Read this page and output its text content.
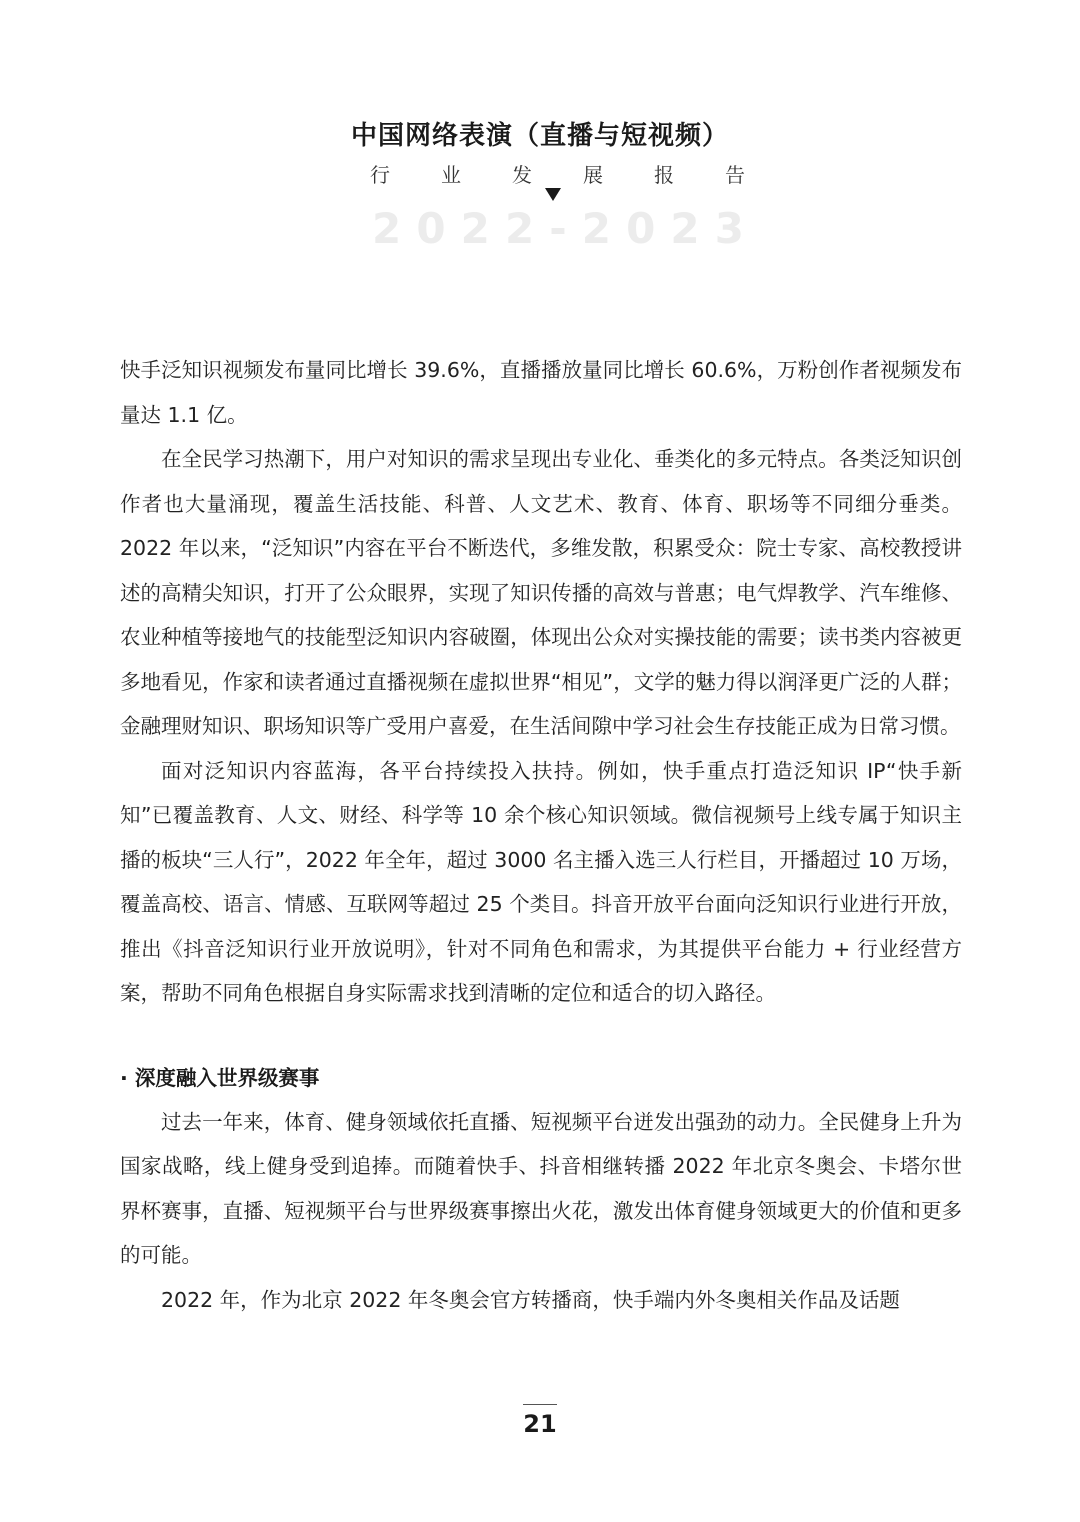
中国网络表演（直播与短视频）
行	业	发	展	报	告
2 0 2 2 - 2 0 2 3

快手泛知识视频发布量同比增长 39.6%，直播播放量同比增长 60.6%，万粉创作者视频发布量达 1.1 亿。

在全民学习热潮下，用户对知识的需求呈现出专业化、垂类化的多元特点。各类泛知识创作者也大量涌现，覆盖生活技能、科普、人文艺术、教育、体育、职场等不同细分垂类。2022 年以来，“泛知识”内容在平台不断迭代，多维发散，积累受众：院士专家、高校教授讲述的高精尖知识，打开了公众眼界，实现了知识传播的高效与普惠；电气焊教学、汽车维修、农业种植等接地气的技能型泛知识内容破圈，体现出公众对实操技能的需要；读书类内容被更多地看见，作家和读者通过直播视频在虚拟世界“相见”，文学的魅力得以润泽更广泛的人群；金融理财知识、职场知识等广受用户喜爱，在生活间隙中学习社会生存技能正成为日常习惯。

面对泛知识内容蓝海，各平台持续投入扶持。例如，快手重点打造泛知识 IP“快手新知”已覆盖教育、人文、财经、科学等 10 余个核心知识领域。微信视频号上线专属于知识主播的板块“三人行”，2022 年全年，超过 3000 名主播入选三人行栏目，开播超过 10 万场，覆盖高校、语言、情感、互联网等超过 25 个类目。抖音开放平台面向泛知识行业进行开放，推出《抖音泛知识行业开放说明》，针对不同角色和需求，为其提供平台能力 + 行业经营方案，帮助不同角色根据自身实际需求找到清晰的定位和适合的切入路径。

· 深度融入世界级赛事

过去一年来，体育、健身领域依托直播、短视频平台迸发出强劲的动力。全民健身上升为国家战略，线上健身受到追捧。而随着快手、抖音相继转播 2022 年北京冬奥会、卡塔尔世界杯赛事，直播、短视频平台与世界级赛事擦出火花，激发出体育健身领域更大的价值和更多的可能。

2022 年，作为北京 2022 年冬奥会官方转播商，快手端内外冬奥相关作品及话题

21
